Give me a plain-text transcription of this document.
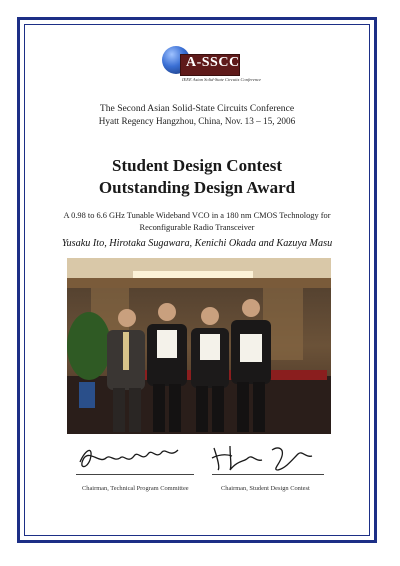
A-SSCC
IEEE Asian Solid-State Circuits Conference
The Second Asian Solid-State Circuits Conference
Hyatt Regency Hangzhou, China, Nov. 13 – 15, 2006
Student Design Contest
Outstanding Design Award
A 0.98 to 6.6 GHz Tunable Wideband VCO in a 180 nm CMOS Technology for
Reconfigurable Radio Transceiver
Yusaku Ito, Hirotaka Sugawara, Kenichi Okada and Kazuya Masu
Chairman, Technical Program Committee	Chairman, Student Design Contest
